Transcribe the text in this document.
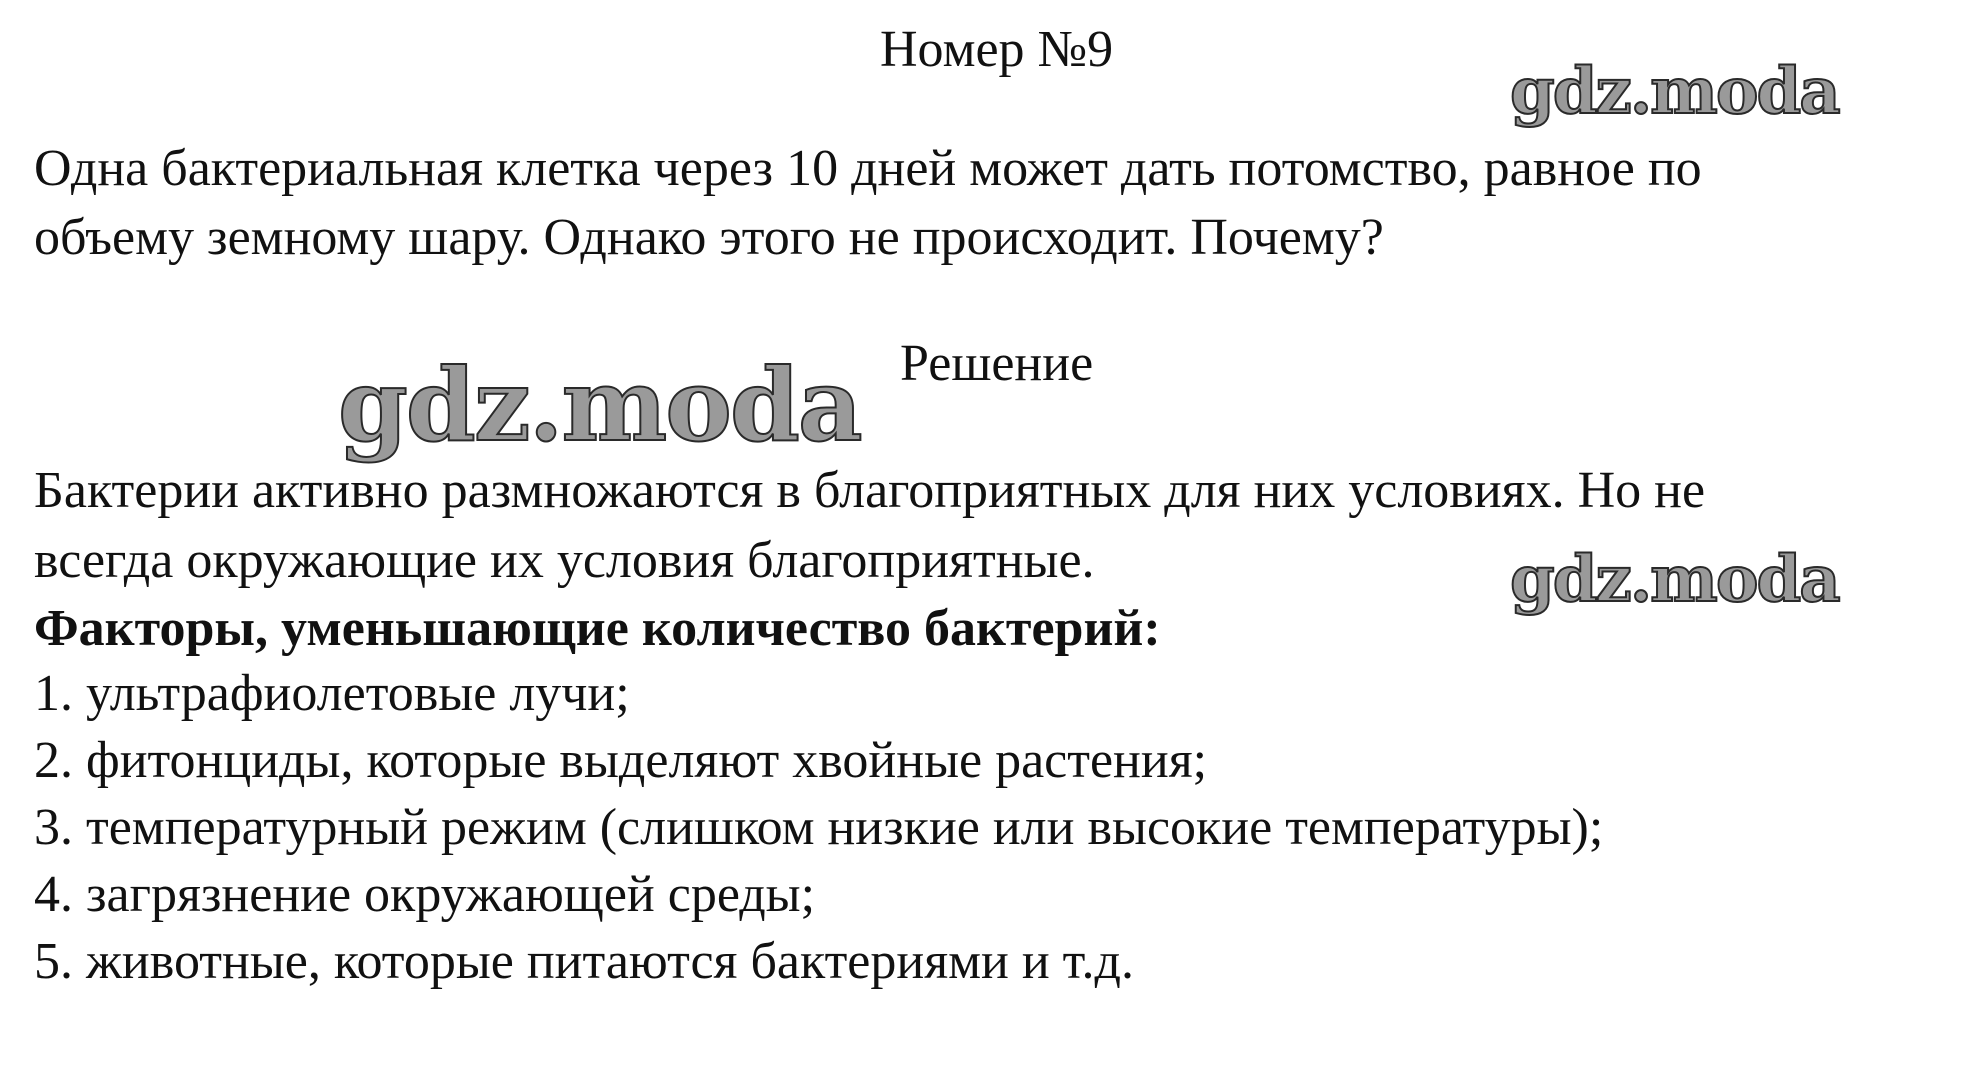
Номер №9
gdz.moda
Одна бактериальная клетка через 10 дней может дать потомство, равное по
объему земному шару. Однако этого не происходит. Почему?
Решение
gdz.moda
Бактерии активно размножаются в благоприятных для них условиях. Но не
всегда окружающие их условия благоприятные.	gdz.moda
Факторы, уменьшающие количество бактерий:
1. ультрафиолетовые лучи;
2. фитонциды, которые выделяют хвойные растения;
3. температурный режим (слишком низкие или высокие температуры);
4. загрязнение окружающей среды;
5. животные, которые питаются бактериями и т.д.
